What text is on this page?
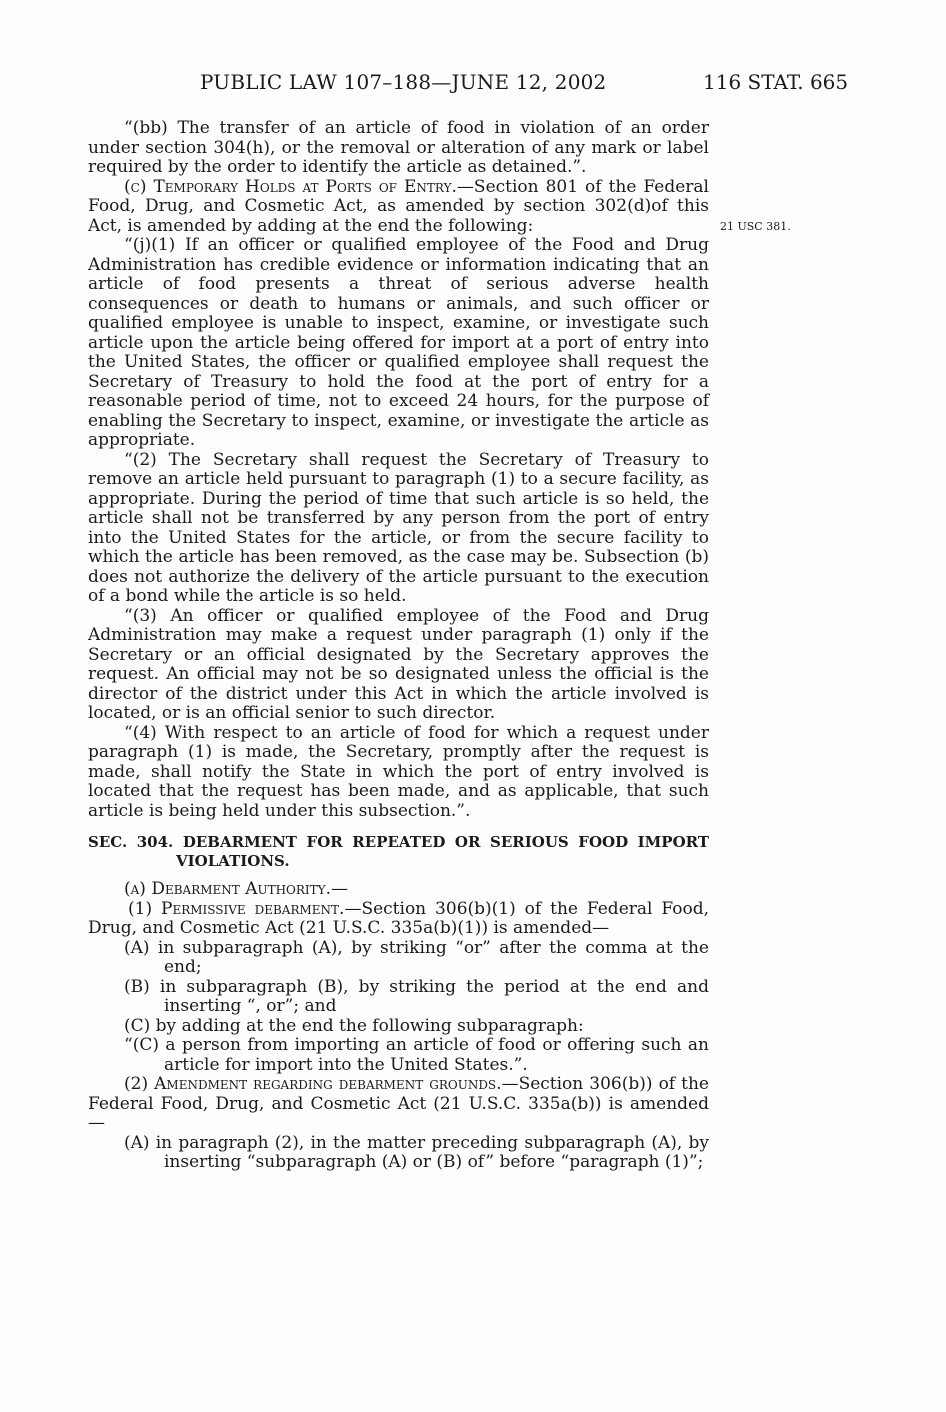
PUBLIC LAW 107–188—JUNE 12, 2002	116 STAT. 665
21 USC 381.

“(bb) The transfer of an article of food in violation of an order under section 304(h), or the removal or alteration of any mark or label required by the order to identify the article as detained.”.

(c) Temporary Holds at Ports of Entry.—Section 801 of the Federal Food, Drug, and Cosmetic Act, as amended by section 302(d)of this Act, is amended by adding at the end the following:

“(j)(1) If an officer or qualified employee of the Food and Drug Administration has credible evidence or information indicating that an article of food presents a threat of serious adverse health consequences or death to humans or animals, and such officer or qualified employee is unable to inspect, examine, or investigate such article upon the article being offered for import at a port of entry into the United States, the officer or qualified employee shall request the Secretary of Treasury to hold the food at the port of entry for a reasonable period of time, not to exceed 24 hours, for the purpose of enabling the Secretary to inspect, examine, or investigate the article as appropriate.

“(2) The Secretary shall request the Secretary of Treasury to remove an article held pursuant to paragraph (1) to a secure facility, as appropriate. During the period of time that such article is so held, the article shall not be transferred by any person from the port of entry into the United States for the article, or from the secure facility to which the article has been removed, as the case may be. Subsection (b) does not authorize the delivery of the article pursuant to the execution of a bond while the article is so held.

“(3) An officer or qualified employee of the Food and Drug Administration may make a request under paragraph (1) only if the Secretary or an official designated by the Secretary approves the request. An official may not be so designated unless the official is the director of the district under this Act in which the article involved is located, or is an official senior to such director.

“(4) With respect to an article of food for which a request under paragraph (1) is made, the Secretary, promptly after the request is made, shall notify the State in which the port of entry involved is located that the request has been made, and as applicable, that such article is being held under this subsection.”.

SEC. 304. DEBARMENT FOR REPEATED OR SERIOUS FOOD IMPORT VIOLATIONS.

(a) Debarment Authority.—

(1) Permissive debarment.—Section 306(b)(1) of the Federal Food, Drug, and Cosmetic Act (21 U.S.C. 335a(b)(1)) is amended—

(A) in subparagraph (A), by striking “or” after the comma at the end;

(B) in subparagraph (B), by striking the period at the end and inserting “, or”; and

(C) by adding at the end the following subparagraph:

“(C) a person from importing an article of food or offering such an article for import into the United States.”.

(2) Amendment regarding debarment grounds.—Section 306(b)) of the Federal Food, Drug, and Cosmetic Act (21 U.S.C. 335a(b)) is amended—

(A) in paragraph (2), in the matter preceding subparagraph (A), by inserting “subparagraph (A) or (B) of” before “paragraph (1)”;
